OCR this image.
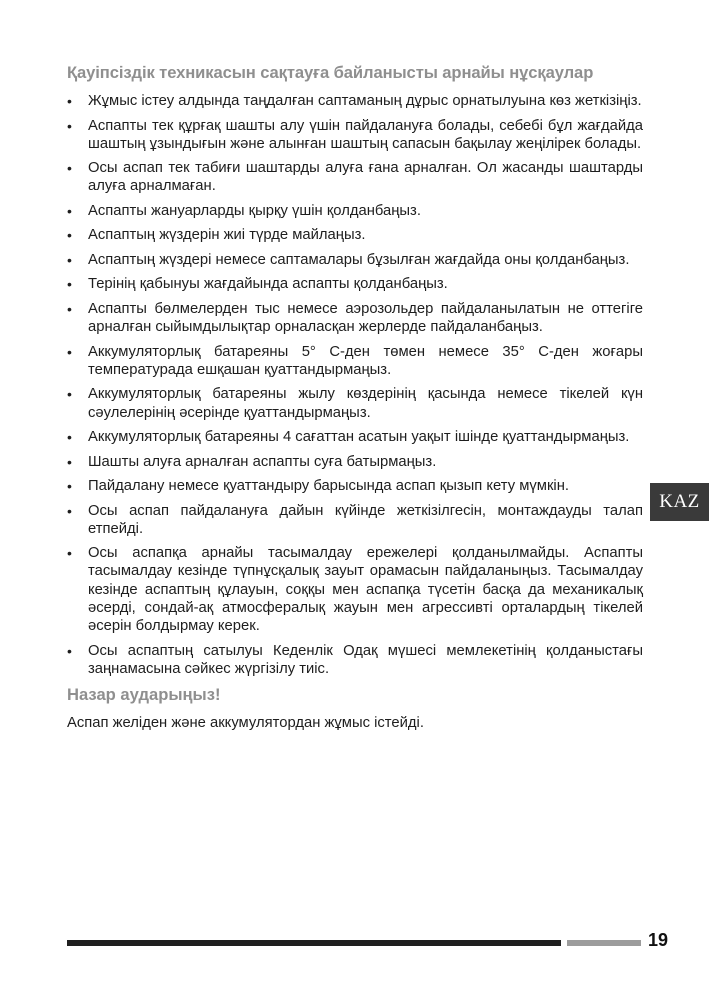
Қауіпсіздік техникасын сақтауға байланысты арнайы нұсқаулар
• Жұмыс істеу алдында таңдалған саптаманың дұрыс орнатылуына көз жеткізіңіз.
• Аспапты тек құрғақ шашты алу үшін пайдалануға болады, себебі бұл жағдайда шаштың ұзындығын және алынған шаштың сапасын бақылау жеңілірек болады.
• Осы аспап тек табиғи шаштарды алуға ғана арналған. Ол жасанды шаштарды алуға арналмаған.
• Аспапты жануарларды қырқу үшін қолданбаңыз.
• Аспаптың жүздерін жиі түрде майлаңыз.
• Аспаптың жүздері немесе саптамалары бұзылған жағдайда оны қолданбаңыз.
• Терінің қабынуы жағдайында аспапты қолданбаңыз.
• Аспапты бөлмелерден тыс немесе аэрозольдер пайдаланылатын не оттегіге арналған сыйымдылықтар орналасқан жерлерде пайдаланбаңыз.
• Аккумуляторлық батареяны 5° С-ден төмен немесе 35° С-ден жоғары температурада ешқашан қуаттандырмаңыз.
• Аккумуляторлық батареяны жылу көздерінің қасында немесе тікелей күн сәулелерінің әсерінде қуаттандырмаңыз.
• Аккумуляторлық батареяны 4 сағаттан асатын уақыт ішінде қуаттандырмаңыз.
• Шашты алуға арналған аспапты суға батырмаңыз.
• Пайдалану немесе қуаттандыру барысында аспап қызып кету мүмкін.
• Осы аспап пайдалануға дайын күйінде жеткізілгесін, монтаждауды талап етпейді.
• Осы аспапқа арнайы тасымалдау ережелері қолданылмайды. Аспапты тасымалдау кезінде түпнұсқалық зауыт орамасын пайдаланыңыз. Тасымалдау кезінде аспаптың құлауын, соққы мен аспапқа түсетін басқа да механикалық әсерді, сондай-ақ атмосфералық жауын мен агрессивті орталардың тікелей әсерін болдырмау керек.
• Осы аспаптың сатылуы Кеденлік Одақ мүшесі мемлекетінің қолданыстағы заңнамасына сәйкес жүргізілу тиіс.
Назар аударыңыз!

Аспап желіден және аккумулятордан жұмыс істейді.

KAZ
19
